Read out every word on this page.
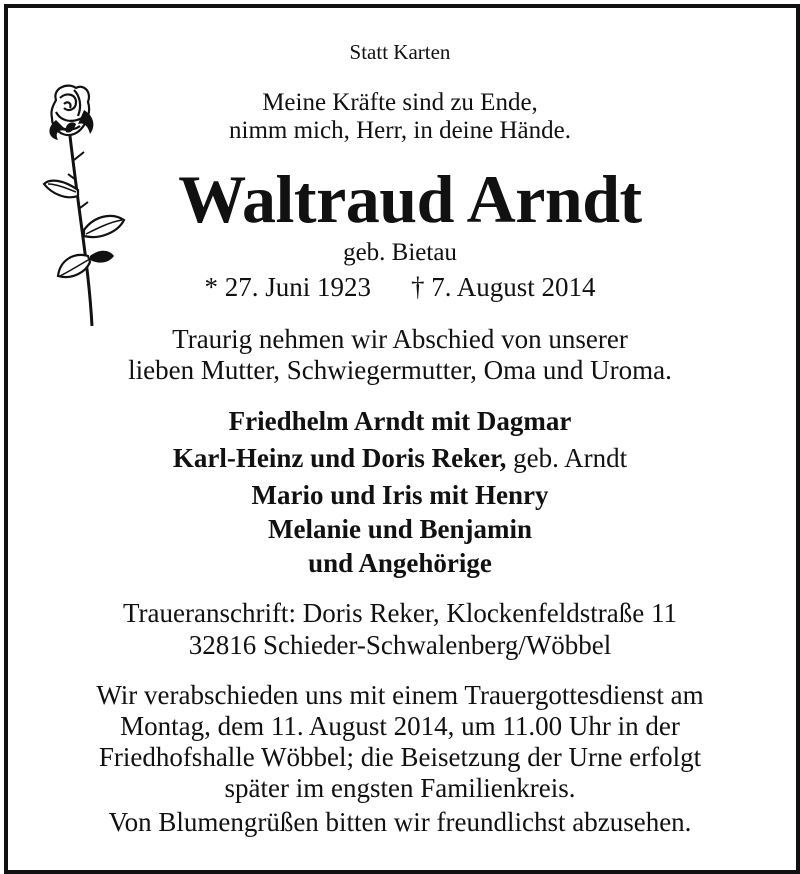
Statt Karten
Meine Kräfte sind zu Ende,
nimm mich, Herr, in deine Hände.
Waltraud Arndt
geb. Bietau
* 27. Juni 1923 † 7. August 2014
Traurig nehmen wir Abschied von unserer
lieben Mutter, Schwiegermutter, Oma und Uroma.
Friedhelm Arndt mit Dagmar
Karl-Heinz und Doris Reker, geb. Arndt
Mario und Iris mit Henry
Melanie und Benjamin
und Angehörige
Traueranschrift: Doris Reker, Klockenfeldstraße 11
32816 Schieder-Schwalenberg/Wöbbel
Wir verabschieden uns mit einem Trauergottesdienst am
Montag, dem 11. August 2014, um 11.00 Uhr in der
Friedhofshalle Wöbbel; die Beisetzung der Urne erfolgt
später im engsten Familienkreis.
Von Blumengrüßen bitten wir freundlichst abzusehen.
